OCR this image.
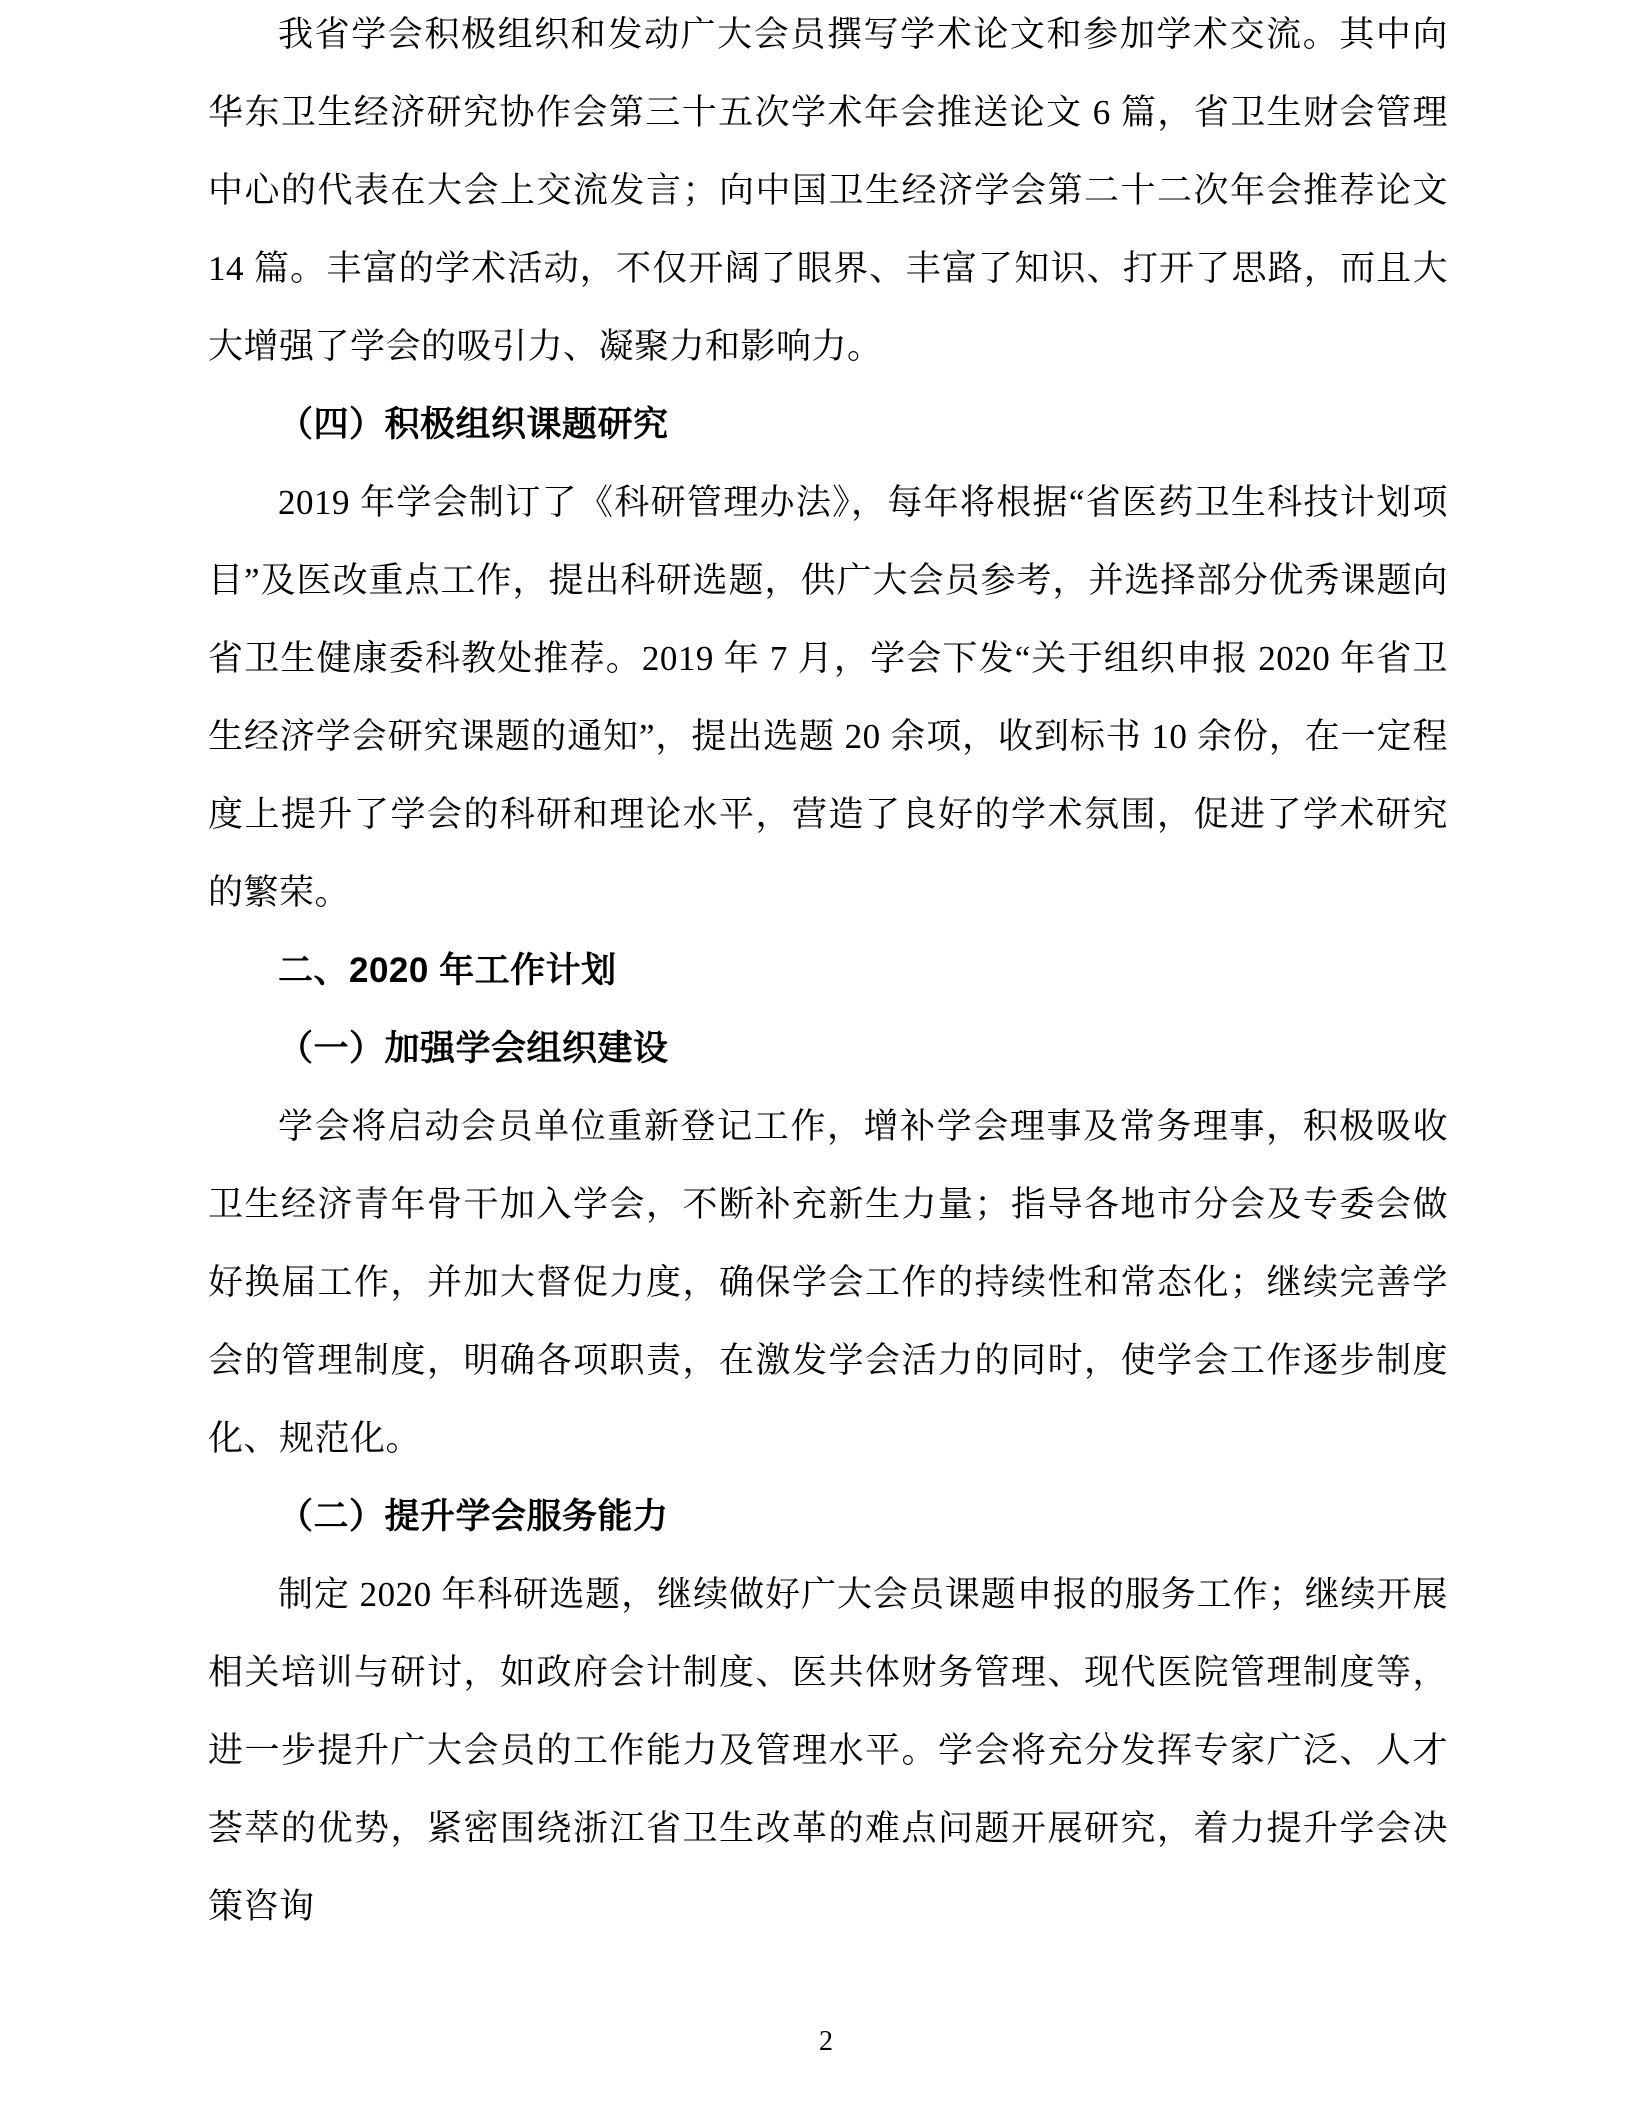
我省学会积极组织和发动广大会员撰写学术论文和参加学术交流。其中向华东卫生经济研究协作会第三十五次学术年会推送论文 6 篇，省卫生财会管理中心的代表在大会上交流发言；向中国卫生经济学会第二十二次年会推荐论文 14 篇。丰富的学术活动，不仅开阔了眼界、丰富了知识、打开了思路，而且大大增强了学会的吸引力、凝聚力和影响力。

（四）积极组织课题研究

2019 年学会制订了《科研管理办法》，每年将根据“省医药卫生科技计划项目”及医改重点工作，提出科研选题，供广大会员参考，并选择部分优秀课题向省卫生健康委科教处推荐。2019 年 7 月，学会下发“关于组织申报 2020 年省卫生经济学会研究课题的通知”，提出选题 20 余项，收到标书 10 余份，在一定程度上提升了学会的科研和理论水平，营造了良好的学术氛围，促进了学术研究的繁荣。

二、2020 年工作计划

（一）加强学会组织建设

学会将启动会员单位重新登记工作，增补学会理事及常务理事，积极吸收卫生经济青年骨干加入学会，不断补充新生力量；指导各地市分会及专委会做好换届工作，并加大督促力度，确保学会工作的持续性和常态化；继续完善学会的管理制度，明确各项职责，在激发学会活力的同时，使学会工作逐步制度化、规范化。

（二）提升学会服务能力

制定 2020 年科研选题，继续做好广大会员课题申报的服务工作；继续开展相关培训与研讨，如政府会计制度、医共体财务管理、现代医院管理制度等，进一步提升广大会员的工作能力及管理水平。学会将充分发挥专家广泛、人才荟萃的优势，紧密围绕浙江省卫生改革的难点问题开展研究，着力提升学会决策咨询

2
